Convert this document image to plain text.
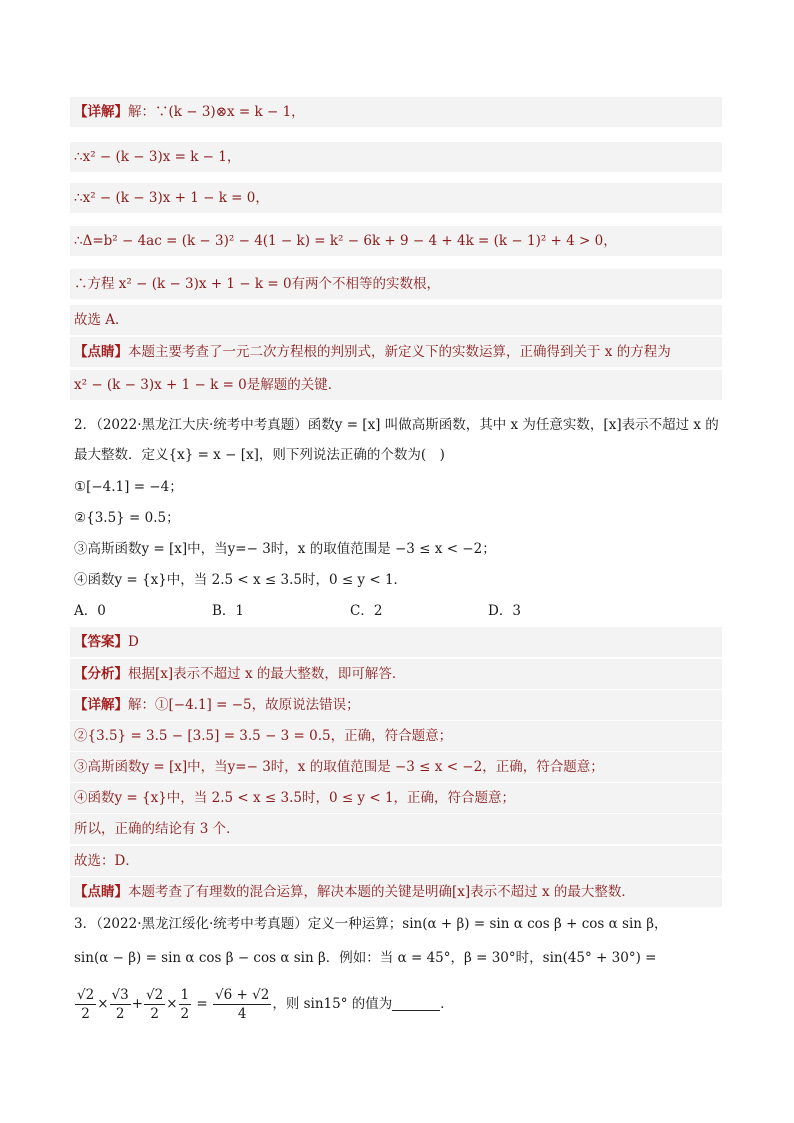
【详解】解：∵(k − 3)⊗x = k − 1，
∴x² − (k − 3)x = k − 1，
∴x² − (k − 3)x + 1 − k = 0，
∴Δ=b² − 4ac = (k − 3)² − 4(1 − k) = k² − 6k + 9 − 4 + 4k = (k − 1)² + 4 > 0，
∴方程 x² − (k − 3)x + 1 − k = 0有两个不相等的实数根，
故选 A．
【点睛】本题主要考查了一元二次方程根的判别式，新定义下的实数运算，正确得到关于 x 的方程为
x² − (k − 3)x + 1 − k = 0是解题的关键．
2．（2022·黑龙江大庆·统考中考真题）函数y = [x] 叫做高斯函数，其中 x 为任意实数，[x]表示不超过 x 的
最大整数．定义{x} = x − [x]，则下列说法正确的个数为(　)
①[−4.1] = −4；
②{3.5} = 0.5；
③高斯函数y = [x]中，当y=− 3时，x 的取值范围是 −3 ≤ x < −2；
④函数y = {x}中，当 2.5 < x ≤ 3.5时，0 ≤ y < 1．
A．0	B．1	C．2	D．3
【答案】D
【分析】根据[x]表示不超过 x 的最大整数，即可解答．
【详解】解：①[−4.1] = −5，故原说法错误；
②{3.5} = 3.5 − [3.5] = 3.5 − 3 = 0.5，正确，符合题意；
③高斯函数y = [x]中，当y=− 3时，x 的取值范围是 −3 ≤ x < −2，正确，符合题意；
④函数y = {x}中，当 2.5 < x ≤ 3.5时，0 ≤ y < 1，正确，符合题意；
所以，正确的结论有 3 个．
故选：D．
【点睛】本题考查了有理数的混合运算，解决本题的关键是明确[x]表示不超过 x 的最大整数．
3．（2022·黑龙江绥化·统考中考真题）定义一种运算；sin(α + β) = sin α cos β + cos α sin β，
sin(α − β) = sin α cos β − cos α sin β．例如：当 α = 45°，β = 30°时，sin(45° + 30°) =
$\frac{√2}{2} \times \frac{√3}{2} + \frac{√2}{2} \times \frac{1}{2} = \frac{√6 + √2}{4}$ ，则 sin15° 的值为	．
